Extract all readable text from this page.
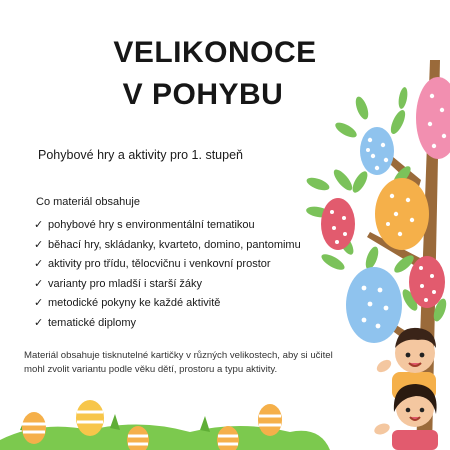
VELIKONOCE
V POHYBU
Pohybové hry a aktivity pro 1. stupeň
Co materiál obsahuje
✓ pohybové hry s environmentální tematikou
✓ běhací hry, skládanky, kvarteto, domino, pantomimu
✓ aktivity pro třídu, tělocvičnu i venkovní prostor
✓ varianty pro mladší i starší žáky
✓ metodické pokyny ke každé aktivitě
✓ tematické diplomy
Materiál obsahuje tisknutelné kartičky v různých velikostech, aby si učitel mohl zvolit variantu podle věku dětí, prostoru a typu aktivity.
